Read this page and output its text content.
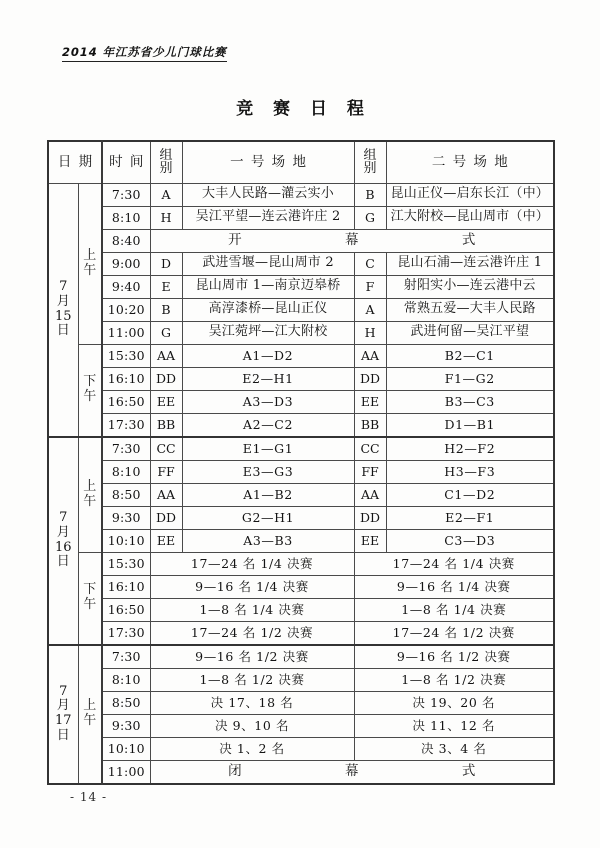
2014 年江苏省少儿门球比赛
竞 赛 日 程
日 期		时 间	组
别	一 号 场 地	组
别	二 号 场 地

7
月
15
日	上
午	7:30	A	大丰人民路—灌云实小	B	昆山正仪—启东长江（中）
		8:10	H	吴江平望—连云港许庄 2	G	江大附校—昆山周市（中）
		8:40	开 幕 式			

		9:00	D	武进雪堰—昆山周市 2	C	昆山石浦—连云港许庄 1
		9:40	E	昆山周市 1—南京迈皋桥	F	射阳实小—连云港中云
		10:20	B	高淳漆桥—昆山正仪	A	常熟五爱—大丰人民路
		11:00	G	吴江菀坪—江大附校	H	武进何留—吴江平望

	下
午	15:30	AA	A1—D2	AA	B2—C1
		16:10	DD	E2—H1	DD	F1—G2
		16:50	EE	A3—D3	EE	B3—C3
		17:30	BB	A2—C2	BB	D1—B1

7
月
16
日	上
午	7:30	CC	E1—G1	CC	H2—F2
		8:10	FF	E3—G3	FF	H3—F3
		8:50	AA	A1—B2	AA	C1—D2
		9:30	DD	G2—H1	DD	E2—F1
		10:10	EE	A3—B3	EE	C3—D3

	下
午	15:30	17—24 名 1/4 决赛		17—24 名 1/4 决赛	
		16:10	9—16 名 1/4 决赛		9—16 名 1/4 决赛	
		16:50	1—8 名 1/4 决赛		1—8 名 1/4 决赛	
		17:30	17—24 名 1/2 决赛		17—24 名 1/2 决赛	

7
月
17
日	上
午	7:30	9—16 名 1/2 决赛		9—16 名 1/2 决赛	
		8:10	1—8 名 1/2 决赛		1—8 名 1/2 决赛	
		8:50	决 17、18 名		决 19、20 名	
		9:30	决 9、10 名		决 11、12 名	
		10:10	决 1、2 名		决 3、4 名	
		11:00	闭 幕 式			
- 14 -
